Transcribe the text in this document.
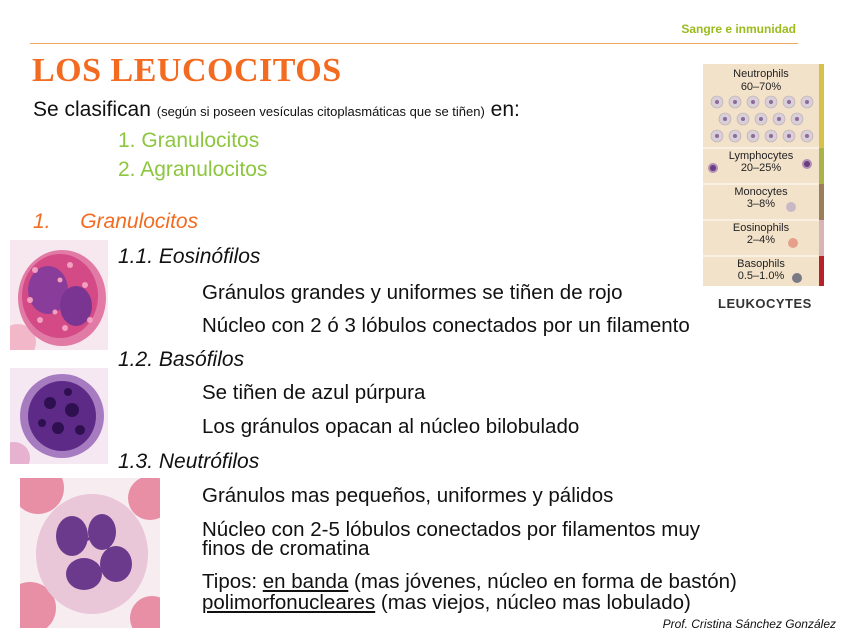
Sangre e inmunidad
LOS LEUCOCITOS
Se clasifican (según si poseen vesículas citoplasmáticas que se tiñen) en:
1. Granulocitos
2. Agranulocitos
1. Granulocitos
1.1. Eosinófilos
Gránulos grandes y uniformes se tiñen de rojo
Núcleo con 2 ó 3 lóbulos conectados por un filamento
1.2. Basófilos
Se tiñen de azul púrpura
Los gránulos opacan al núcleo bilobulado
1.3. Neutrófilos
Gránulos mas pequeños, uniformes y pálidos
Núcleo con 2-5 lóbulos conectados por filamentos muy
finos de cromatina
Tipos: en banda (mas jóvenes, núcleo en forma de bastón)
polimorfonucleares (mas viejos, núcleo mas lobulado)
Neutrophils
60–70%
Lymphocytes
20–25%
Monocytes
3–8%
Eosinophils
2–4%
Basophils
0.5–1.0%
LEUKOCYTES
Prof. Cristina Sánchez González
